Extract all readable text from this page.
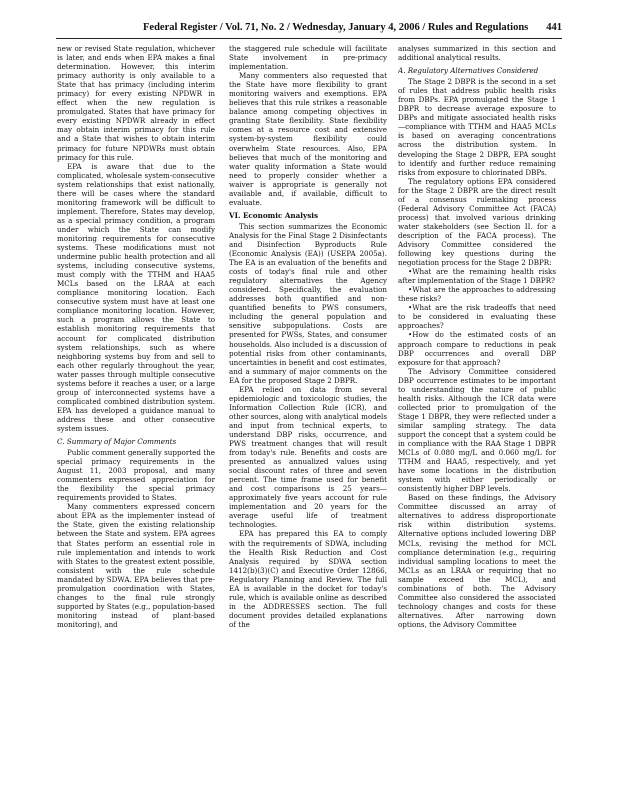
Federal Register / Vol. 71, No. 2 / Wednesday, January 4, 2006 / Rules and Regulations 441

new or revised State regulation, whichever is later, and ends when EPA makes a final determination. However, this interim primacy authority is only available to a State that has primacy (including interim primacy) for every existing NPDWR in effect when the new regulation is promulgated. States that have primacy for every existing NPDWR already in effect may obtain interim primacy for this rule and a State that wishes to obtain interim primacy for future NPDWRs must obtain primacy for this rule.

EPA is aware that due to the complicated, wholesale system-consecutive system relationships that exist nationally, there will be cases where the standard monitoring framework will be difficult to implement. Therefore, States may develop, as a special primacy condition, a program under which the State can modify monitoring requirements for consecutive systems. These modifications must not undermine public health protection and all systems, including consecutive systems, must comply with the TTHM and HAA5 MCLs based on the LRAA at each compliance monitoring location. Each consecutive system must have at least one compliance monitoring location. However, such a program allows the State to establish monitoring requirements that account for complicated distribution system relationships, such as where neighboring systems buy from and sell to each other regularly throughout the year, water passes through multiple consecutive systems before it reaches a user, or a large group of interconnected systems have a complicated combined distribution system. EPA has developed a guidance manual to address these and other consecutive system issues.

C. Summary of Major Comments

Public comment generally supported the special primacy requirements in the August 11, 2003 proposal, and many commenters expressed appreciation for the flexibility the special primacy requirements provided to States.

Many commenters expressed concern about EPA as the implementer instead of the State, given the existing relationship between the State and system. EPA agrees that States perform an essential role in rule implementation and intends to work with States to the greatest extent possible, consistent with the rule schedule mandated by SDWA. EPA believes that pre-promulgation coordination with States, changes to the final rule strongly supported by States (e.g., population-based monitoring instead of plant-based monitoring), and

the staggered rule schedule will facilitate State involvement in pre-primacy implementation.

Many commenters also requested that the State have more flexibility to grant monitoring waivers and exemptions. EPA believes that this rule strikes a reasonable balance among competing objectives in granting State flexibility. State flexibility comes at a resource cost and extensive system-by-system flexibility could overwhelm State resources. Also, EPA believes that much of the monitoring and water quality information a State would need to properly consider whether a waiver is appropriate is generally not available and, if available, difficult to evaluate.

VI. Economic Analysis

This section summarizes the Economic Analysis for the Final Stage 2 Disinfectants and Disinfection Byproducts Rule (Economic Analysis (EA)) (USEPA 2005a). The EA is an evaluation of the benefits and costs of today's final rule and other regulatory alternatives the Agency considered. Specifically, the evaluation addresses both quantified and non-quantified benefits to PWS consumers, including the general population and sensitive subpopulations. Costs are presented for PWSs, States, and consumer households. Also included is a discussion of potential risks from other contaminants, uncertainties in benefit and cost estimates, and a summary of major comments on the EA for the proposed Stage 2 DBPR.

EPA relied on data from several epidemiologic and toxicologic studies, the Information Collection Rule (ICR), and other sources, along with analytical models and input from technical experts, to understand DBP risks, occurrence, and PWS treatment changes that will result from today's rule. Benefits and costs are presented as annualized values using social discount rates of three and seven percent. The time frame used for benefit and cost comparisons is 25 years—approximately five years account for rule implementation and 20 years for the average useful life of treatment technologies.

EPA has prepared this EA to comply with the requirements of SDWA, including the Health Risk Reduction and Cost Analysis required by SDWA section 1412(b)(3)(C) and Executive Order 12866, Regulatory Planning and Review. The full EA is available in the docket for today's rule, which is available online as described in the ADDRESSES section. The full document provides detailed explanations of the

analyses summarized in this section and additional analytical results.

A. Regulatory Alternatives Considered

The Stage 2 DBPR is the second in a set of rules that address public health risks from DBPs. EPA promulgated the Stage 1 DBPR to decrease average exposure to DBPs and mitigate associated health risks—compliance with TTHM and HAA5 MCLs is based on averaging concentrations across the distribution system. In developing the Stage 2 DBPR, EPA sought to identify and further reduce remaining risks from exposure to chlorinated DBPs.

The regulatory options EPA considered for the Stage 2 DBPR are the direct result of a consensus rulemaking process (Federal Advisory Committee Act (FACA) process) that involved various drinking water stakeholders (see Section II. for a description of the FACA process). The Advisory Committee considered the following key questions during the negotiation process for the Stage 2 DBPR:

• What are the remaining health risks after implementation of the Stage 1 DBPR?
• What are the approaches to addressing these risks?
• What are the risk tradeoffs that need to be considered in evaluating these approaches?
• How do the estimated costs of an approach compare to reductions in peak DBP occurrences and overall DBP exposure for that approach?

The Advisory Committee considered DBP occurrence estimates to be important to understanding the nature of public health risks. Although the ICR data were collected prior to promulgation of the Stage 1 DBPR, they were reflected under a similar sampling strategy. The data support the concept that a system could be in compliance with the RAA Stage 1 DBPR MCLs of 0.080 mg/L and 0.060 mg/L for TTHM and HAA5, respectively, and yet have some locations in the distribution system with either periodically or consistently higher DBP levels.

Based on these findings, the Advisory Committee discussed an array of alternatives to address disproportionate risk within distribution systems. Alternative options included lowering DBP MCLs, revising the method for MCL compliance determination (e.g., requiring individual sampling locations to meet the MCLs as an LRAA or requiring that no sample exceed the MCL), and combinations of both. The Advisory Committee also considered the associated technology changes and costs for these alternatives. After narrowing down options, the Advisory Committee
